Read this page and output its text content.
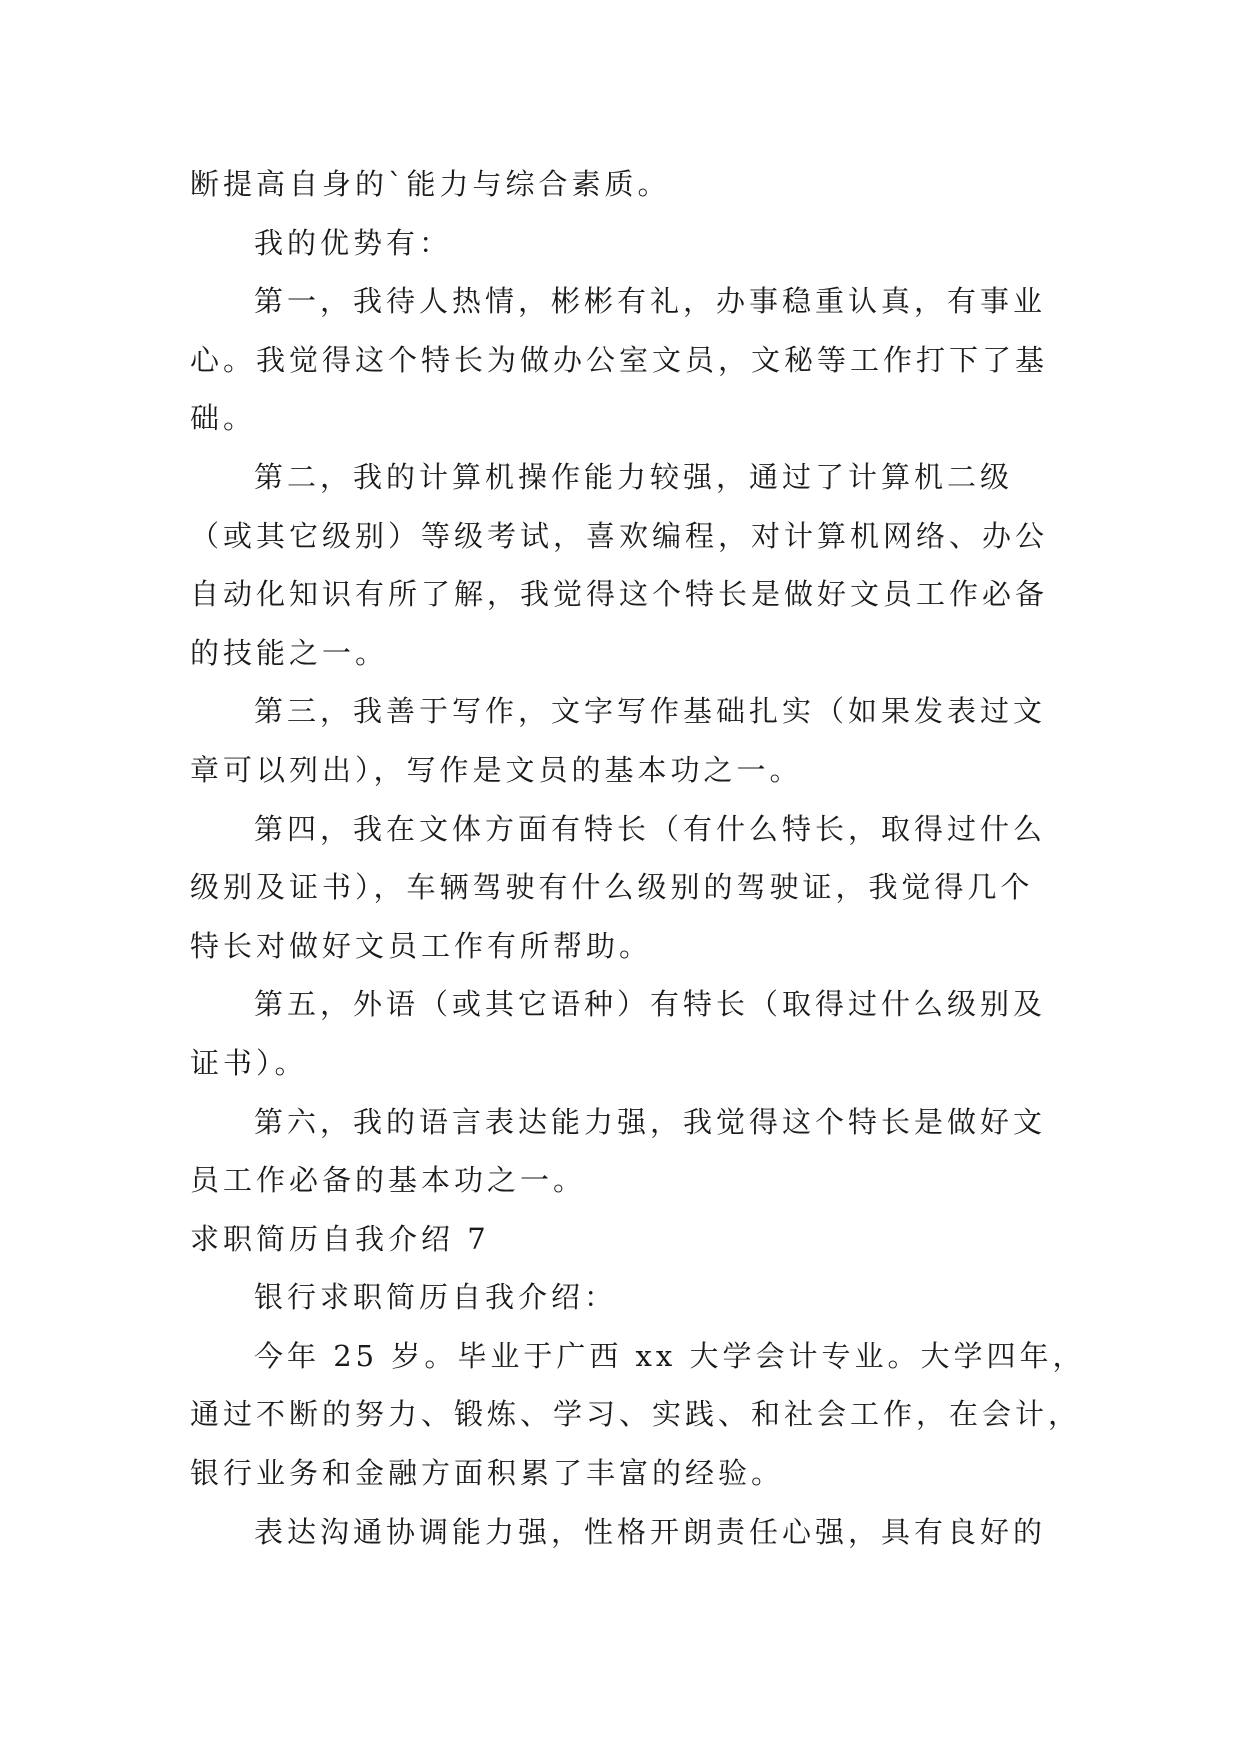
断提高自身的`能力与综合素质。
我的优势有：
第一，我待人热情，彬彬有礼，办事稳重认真，有事业
心。我觉得这个特长为做办公室文员，文秘等工作打下了基
础。
第二，我的计算机操作能力较强，通过了计算机二级
（或其它级别）等级考试，喜欢编程，对计算机网络、办公
自动化知识有所了解，我觉得这个特长是做好文员工作必备
的技能之一。
第三，我善于写作，文字写作基础扎实（如果发表过文
章可以列出），写作是文员的基本功之一。
第四，我在文体方面有特长（有什么特长，取得过什么
级别及证书），车辆驾驶有什么级别的驾驶证，我觉得几个
特长对做好文员工作有所帮助。
第五，外语（或其它语种）有特长（取得过什么级别及
证书）。
第六，我的语言表达能力强，我觉得这个特长是做好文
员工作必备的基本功之一。
求职简历自我介绍 7
银行求职简历自我介绍：
今年 25 岁。毕业于广西 xx 大学会计专业。大学四年，
通过不断的努力、锻炼、学习、实践、和社会工作，在会计，
银行业务和金融方面积累了丰富的经验。
表达沟通协调能力强，性格开朗责任心强，具有良好的
